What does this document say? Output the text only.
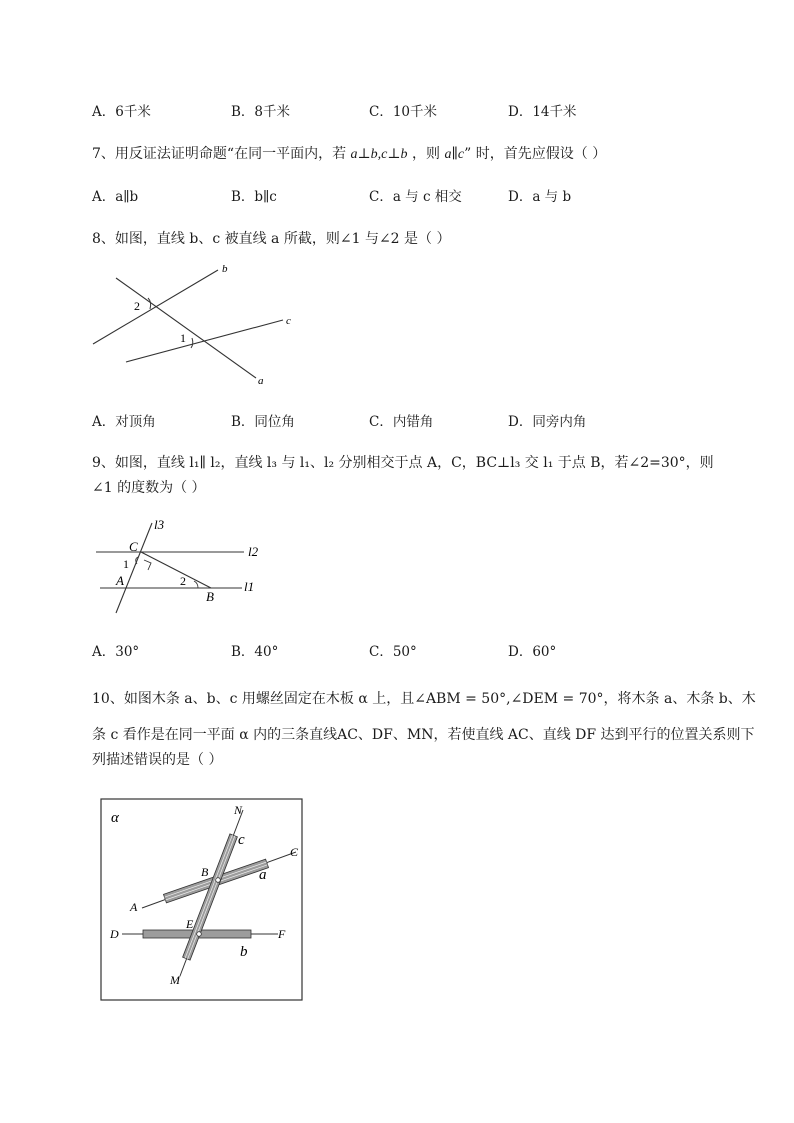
A．6千米	B．8千米	C．10千米	D．14千米
7、用反证法证明命题“在同一平面内，若 a⊥b,c⊥b ，则 a∥c” 时，首先应假设（ ）
A．a∥b	B．b∥c	C．a 与 c 相交	D．a 与 b
8、如图，直线 b、c 被直线 a 所截，则∠1 与∠2 是（ ）
b
c
a
2
1
A．对顶角	B．同位角	C．内错角	D．同旁内角
9、如图，直线 l₁∥ l₂，直线 l₃ 与 l₁、l₂ 分别相交于点 A，C，BC⊥l₃ 交 l₁ 于点 B，若∠2=30°，则
∠1 的度数为（ ）
l3
l2
l1
C
A
B
1
2
A．30°	B．40°	C．50°	D．60°
10、如图木条 a、b、c 用螺丝固定在木板 α 上，且∠ABM = 50°,∠DEM = 70°，将木条 a、木条 b、木
条 c 看作是在同一平面 α 内的三条直线AC、DF、MN，若使直线 AC、直线 DF 达到平行的位置关系则下
列描述错误的是（ ）
α	N
c
C
B	a
A
E
D	F
b
M
